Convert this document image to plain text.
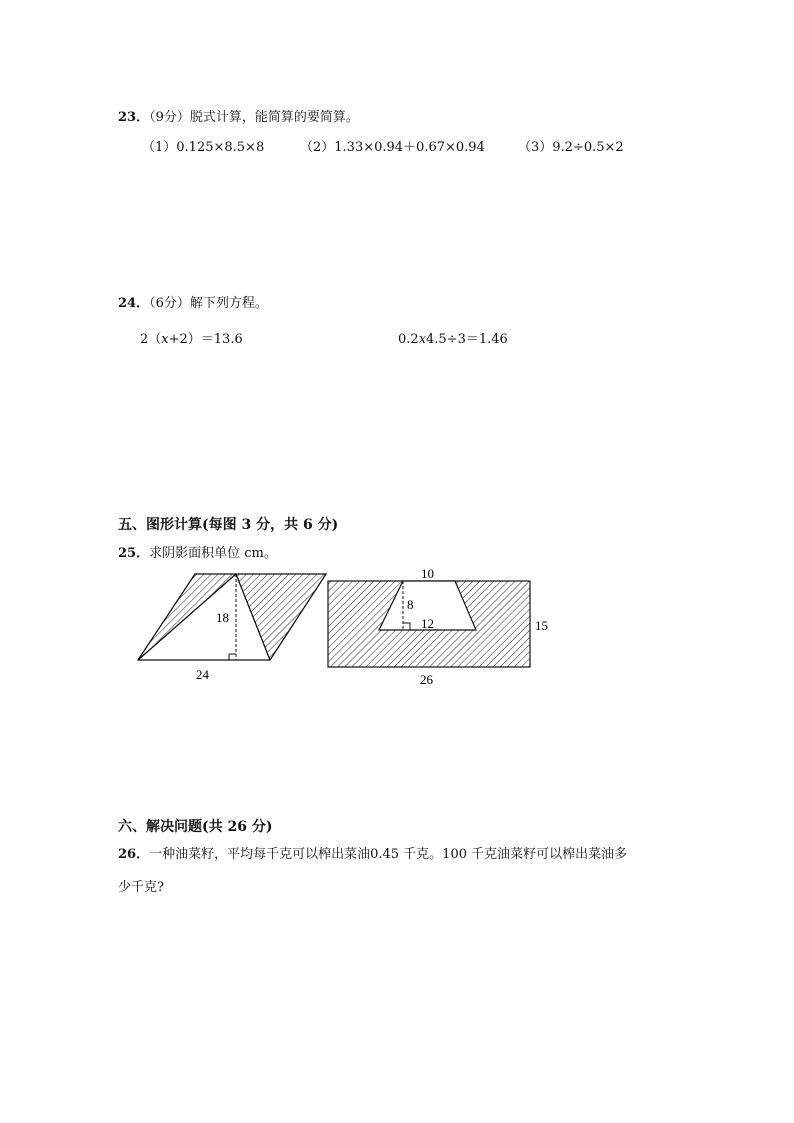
23．（9分）脱式计算，能简算的要简算。
（1）0.125×8.5×8	（2）1.33×0.94＋0.67×0.94	（3）9.2÷0.5×2
24．（6分）解下列方程。
2（x+2）＝13.6	0.2x4.5÷3＝1.46
五、图形计算(每图 3 分，共 6 分)
25．求阴影面积单位 cm。
18
24
10
8
12	15
26
六、解决问题(共 26 分)
26．一种油菜籽，平均每千克可以榨出菜油0.45 千克。100 千克油菜籽可以榨出菜油多
少千克?
